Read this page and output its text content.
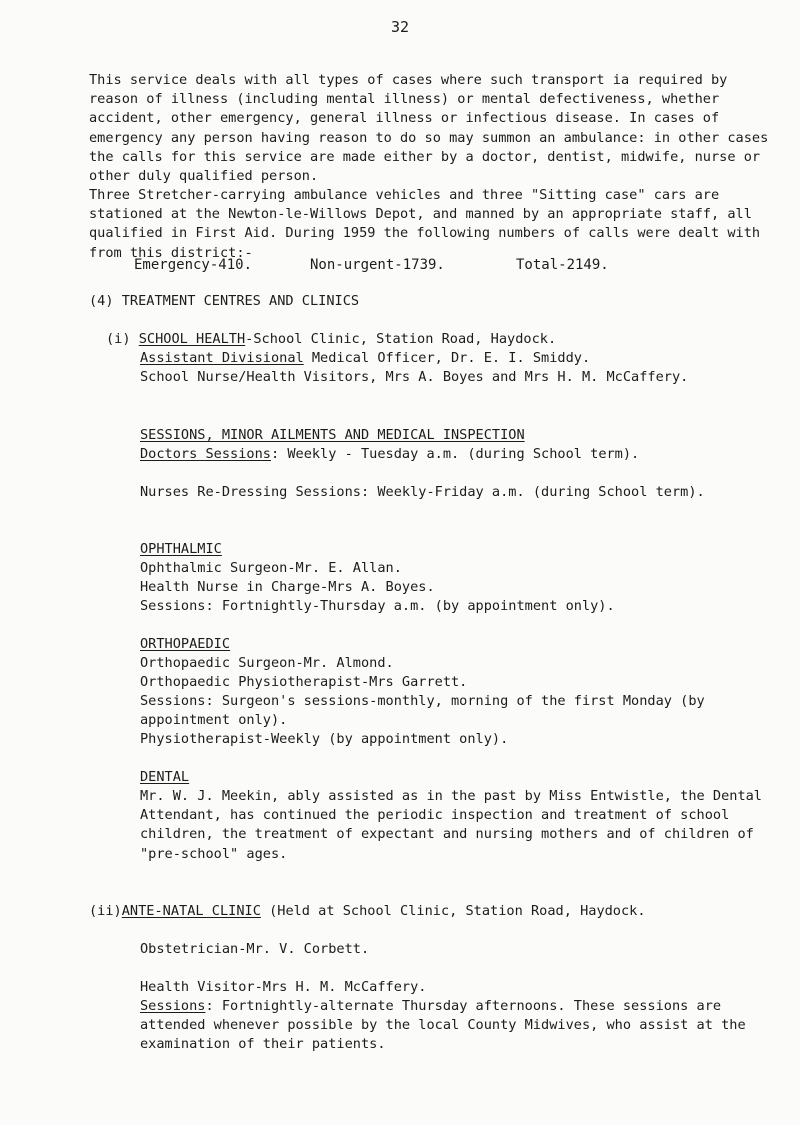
32
This service deals with all types of cases where such transport ia required by reason of illness (including mental illness) or mental defectiveness, whether accident, other emergency, general illness or infectious disease. In cases of emergency any person having reason to do so may summon an ambulance: in other cases the calls for this service are made either by a doctor, dentist, midwife, nurse or other duly qualified person.
Three Stretcher-carrying ambulance vehicles and three "Sitting case" cars are stationed at the Newton-le-Willows Depot, and manned by an appropriate staff, all qualified in First Aid. During 1959 the following numbers of calls were dealt with from this district:-
Emergency-410.	Non-urgent-1739.	Total-2149.
(4) TREATMENT CENTRES AND CLINICS
(i) SCHOOL HEALTH-School Clinic, Station Road, Haydock.
Assistant Divisional Medical Officer, Dr. E. I. Smiddy.
School Nurse/Health Visitors, Mrs A. Boyes and Mrs H. M. McCaffery.
SESSIONS, MINOR AILMENTS AND MEDICAL INSPECTION
Doctors Sessions: Weekly - Tuesday a.m. (during School term).
Nurses Re-Dressing Sessions: Weekly-Friday a.m. (during School term).
OPHTHALMIC
Ophthalmic Surgeon-Mr. E. Allan.
Health Nurse in Charge-Mrs A. Boyes.
Sessions: Fortnightly-Thursday a.m. (by appointment only).
ORTHOPAEDIC
Orthopaedic Surgeon-Mr. Almond.
Orthopaedic Physiotherapist-Mrs Garrett.
Sessions: Surgeon's sessions-monthly, morning of the first Monday (by appointment only).
Physiotherapist-Weekly (by appointment only).
DENTAL
Mr. W. J. Meekin, ably assisted as in the past by Miss Entwistle, the Dental Attendant, has continued the periodic inspection and treatment of school children, the treatment of expectant and nursing mothers and of children of "pre-school" ages.
(ii)ANTE-NATAL CLINIC (Held at School Clinic, Station Road, Haydock.
Obstetrician-Mr. V. Corbett.
Health Visitor-Mrs H. M. McCaffery.
Sessions: Fortnightly-alternate Thursday afternoons. These sessions are attended whenever possible by the local County Midwives, who assist at the examination of their patients.
